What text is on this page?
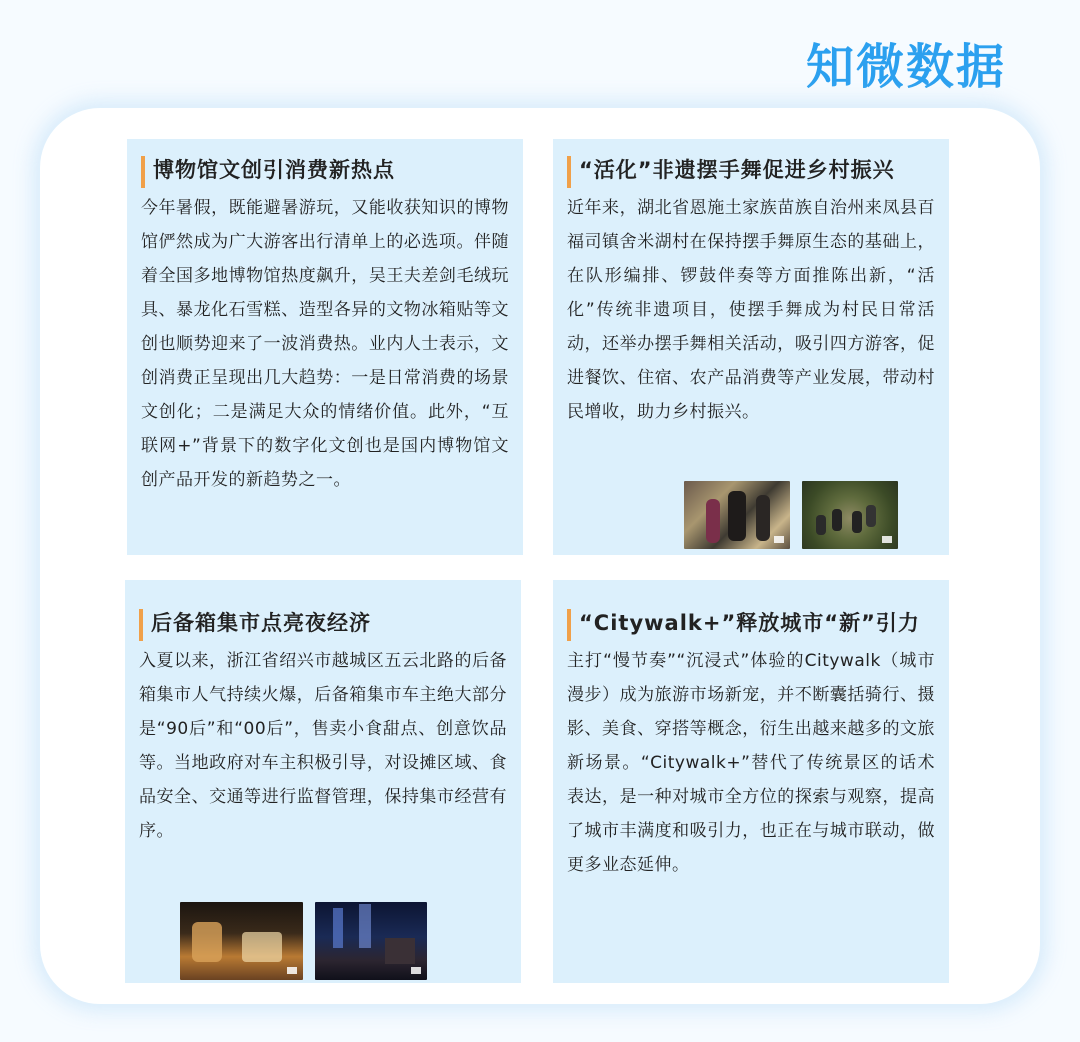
知微数据
博物馆文创引消费新热点
今年暑假，既能避暑游玩，又能收获知识的博物馆俨然成为广大游客出行清单上的必选项。伴随着全国多地博物馆热度飙升，吴王夫差剑毛绒玩具、暴龙化石雪糕、造型各异的文物冰箱贴等文创也顺势迎来了一波消费热。业内人士表示，文创消费正呈现出几大趋势：一是日常消费的场景文创化；二是满足大众的情绪价值。此外，“互联网+”背景下的数字化文创也是国内博物馆文创产品开发的新趋势之一。
“活化”非遗摆手舞促进乡村振兴
近年来，湖北省恩施土家族苗族自治州来凤县百福司镇舍米湖村在保持摆手舞原生态的基础上，在队形编排、锣鼓伴奏等方面推陈出新，“活化”传统非遗项目，使摆手舞成为村民日常活动，还举办摆手舞相关活动，吸引四方游客，促进餐饮、住宿、农产品消费等产业发展，带动村民增收，助力乡村振兴。
后备箱集市点亮夜经济
入夏以来，浙江省绍兴市越城区五云北路的后备箱集市人气持续火爆，后备箱集市车主绝大部分是“90后”和“00后”，售卖小食甜点、创意饮品等。当地政府对车主积极引导，对设摊区域、食品安全、交通等进行监督管理，保持集市经营有序。
“Citywalk+”释放城市“新”引力
主打“慢节奏”“沉浸式”体验的Citywalk（城市漫步）成为旅游市场新宠，并不断囊括骑行、摄影、美食、穿搭等概念，衍生出越来越多的文旅新场景。“Citywalk+”替代了传统景区的话术表达，是一种对城市全方位的探索与观察，提高了城市丰满度和吸引力，也正在与城市联动，做更多业态延伸。
